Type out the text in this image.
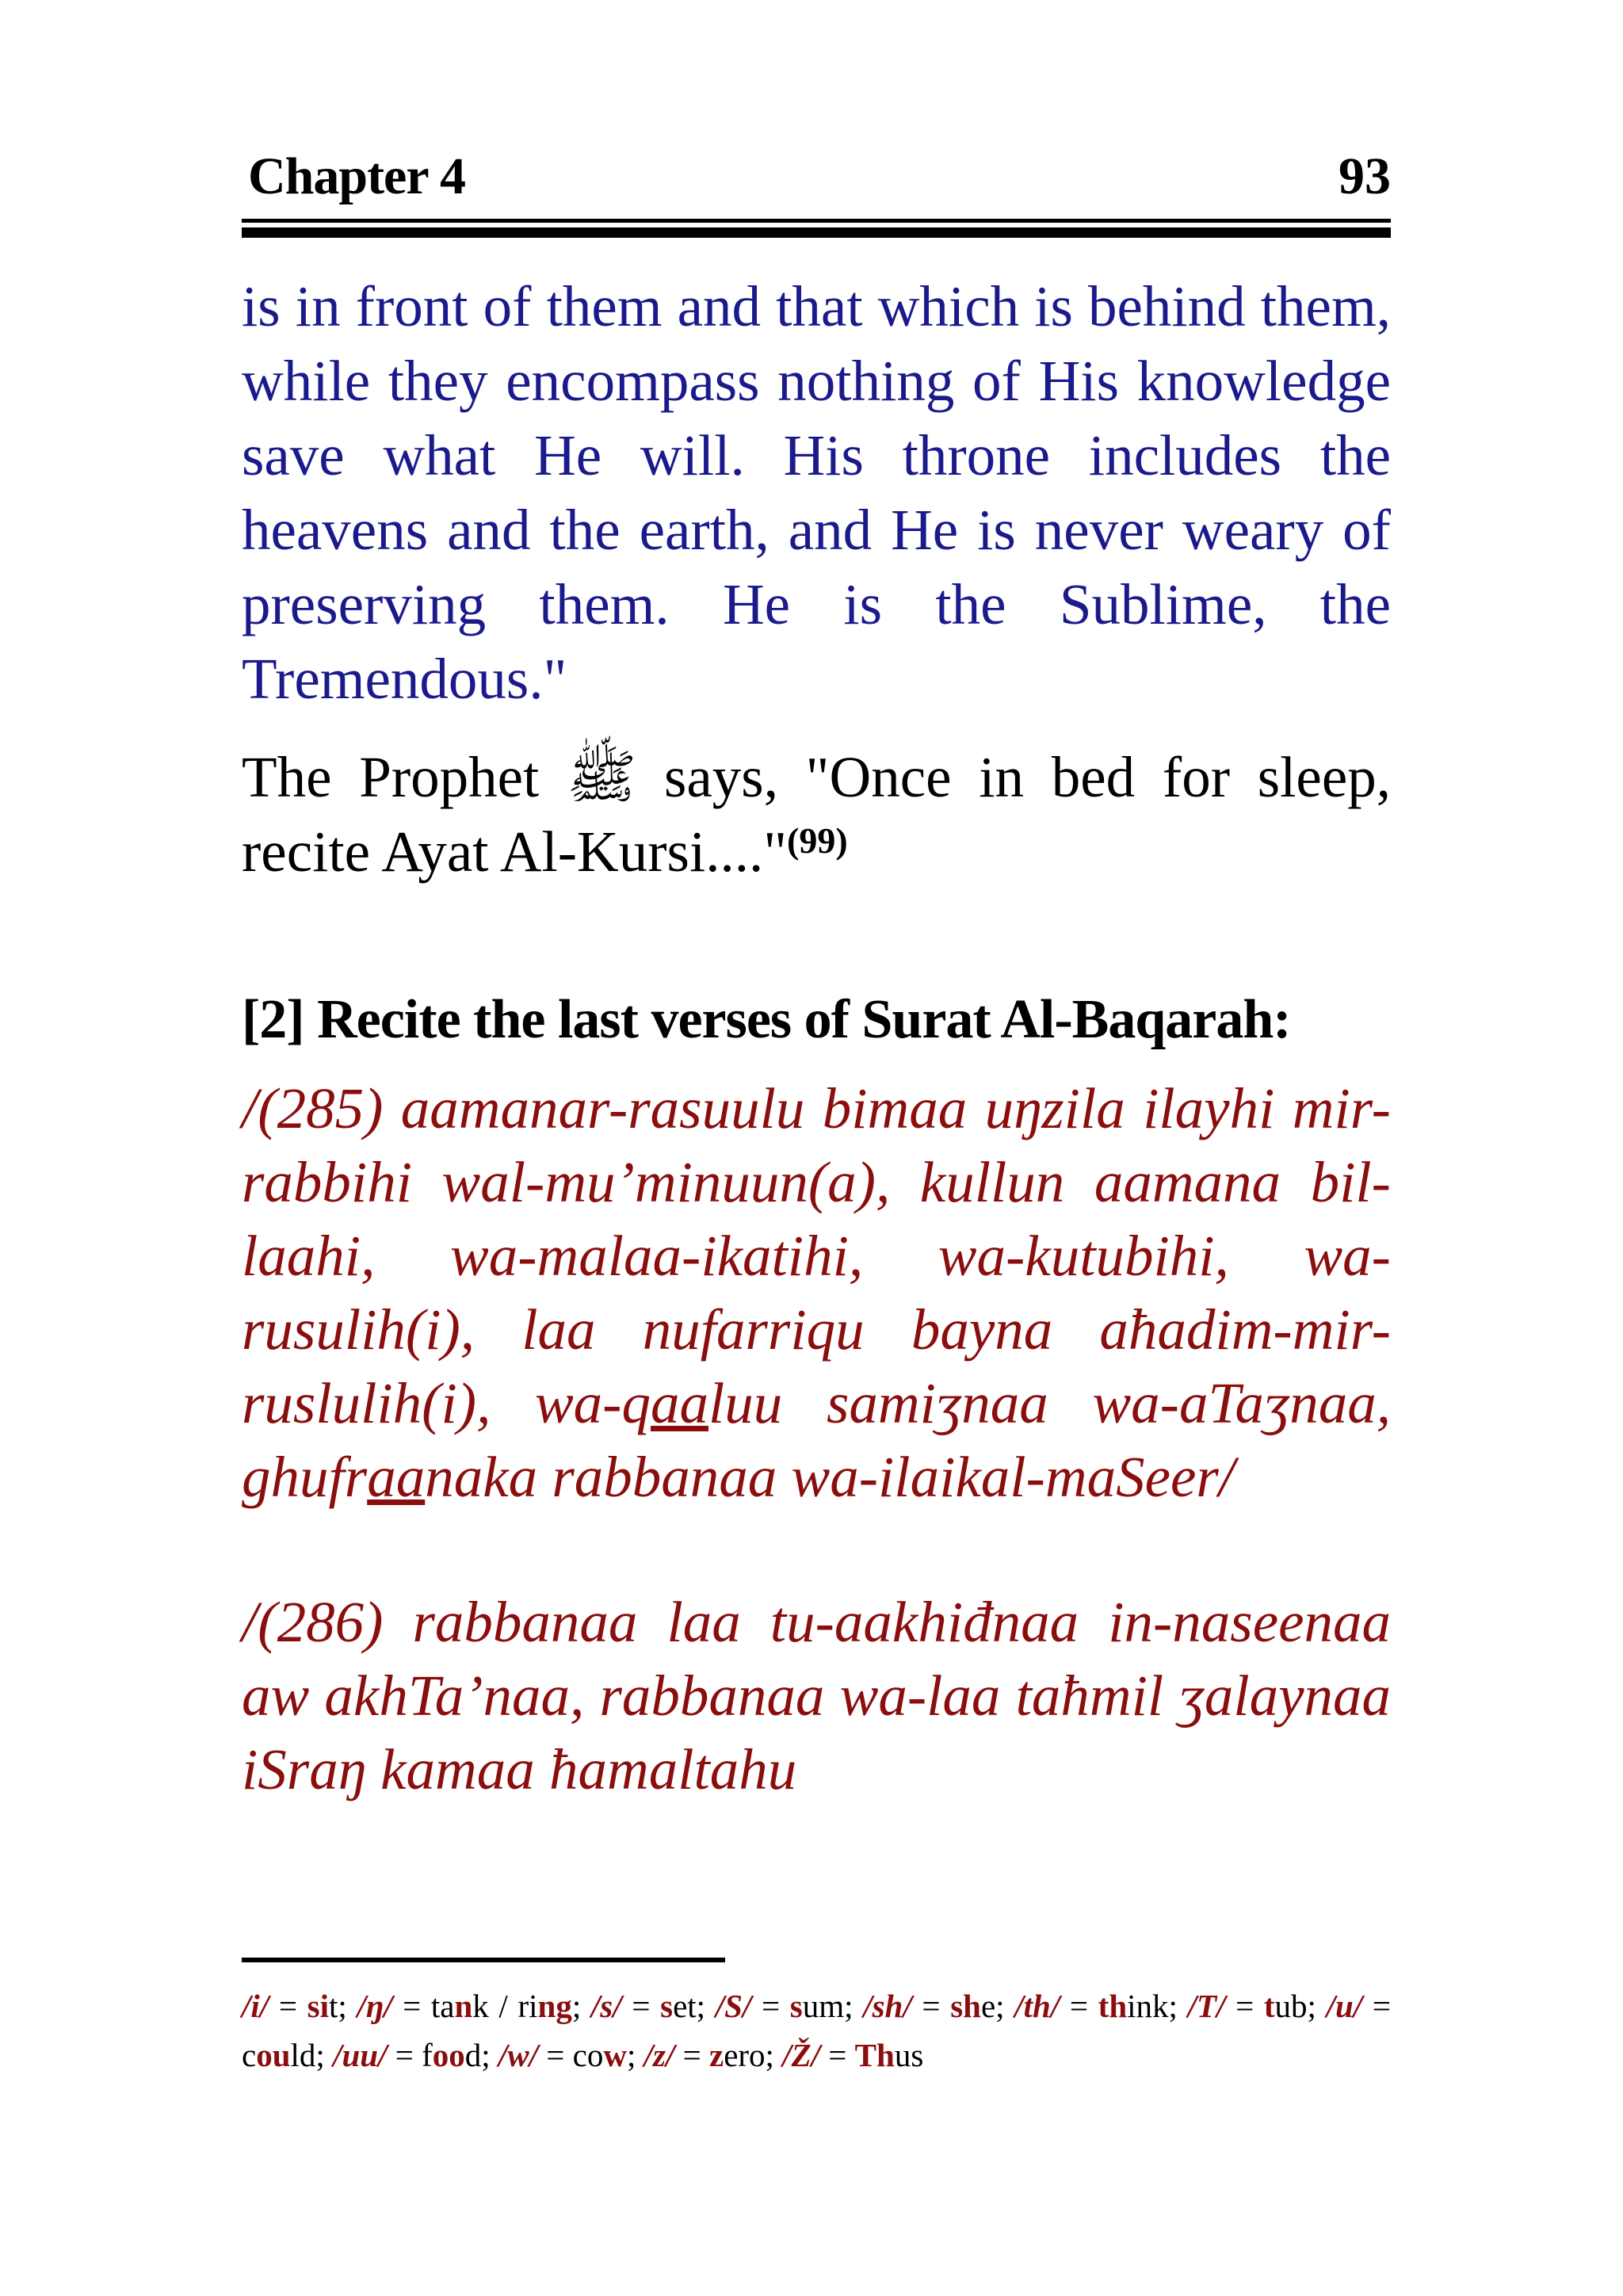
Chapter 4	93

is in front of them and that which is behind them, while they encompass nothing of His knowledge save what He will. His throne includes the heavens and the earth, and He is never weary of preserving them. He is the Sublime, the Tremendous."

The Prophet ﷺ says, "Once in bed for sleep, recite Ayat Al-Kursi...."$^{(99)}$

[2] Recite the last verses of Surat Al-Baqarah:

/(285) aamanar-rasuulu bimaa uŋzila ilayhi mir-rabbihi wal-mu’minuun(a), kullun aamana bil-laahi, wa-malaa-ikatihi, wa-kutubihi, wa-rusulih(i), laa nufarriqu bayna aħadim-mir- ruslulih(i), wa-qaaluu samiʒnaa wa-aTaʒnaa, ghufraanaka rabbanaa wa-ilaikal-maSeer/

/(286) rabbanaa laa tu-aakhiđnaa in-naseenaa aw akhTa’naa, rabbanaa wa-laa taħmil ʒalaynaa iSraŋ kamaa ħamaltahu

/i/ = sit; /ŋ/ = tank / ring; /s/ = set; /S/ = sum; /sh/ = she; /th/ = think; /T/ = tub; /u/ = could; /uu/ = food; /w/ = cow; /z/ = zero; /Ž/ = Thus
